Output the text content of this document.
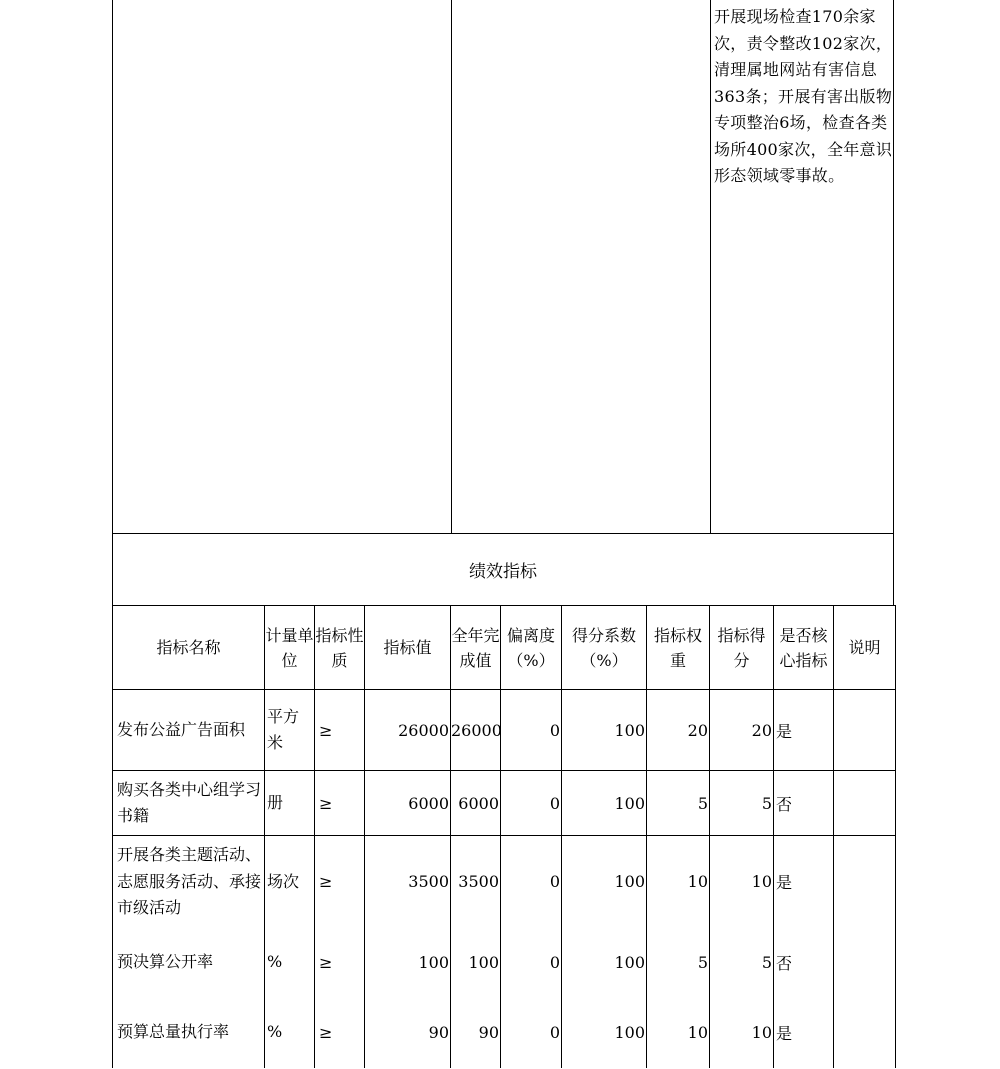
开展现场检查170余家次，责令整改102家次，清理属地网站有害信息363条；开展有害出版物专项整治6场，检查各类场所400家次，全年意识形态领域零事故。

绩效指标
指标名称	计量单位	指标性质	指标值	全年完成值	偏离度（%）	得分系数（%）	指标权重	指标得分	是否核心指标	说明
发布公益广告面积	平方米	≥	26000	26000	0	100	20	20	是	
购买各类中心组学习书籍	册	≥	6000	6000	0	100	5	5	否	
开展各类主题活动、志愿服务活动、承接市级活动	场次	≥	3500	3500	0	100	10	10	是	
预决算公开率	%	≥	100	100	0	100	5	5	否	
预算总量执行率	%	≥	90	90	0	100	10	10	是	
